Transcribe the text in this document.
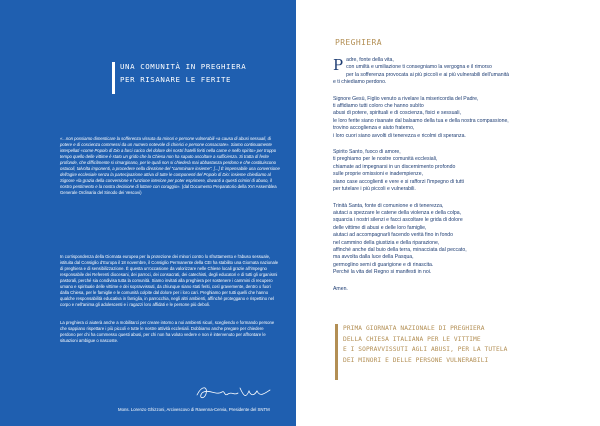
UNA COMUNITÀ IN PREGHIERA
PER RISANARE LE FERITE
«...non possiamo dimenticare la sofferenza vissuta da minori e persone vulnerabili «a causa di abusi sessuali, di potere e di coscienza commessi da un numero notevole di chierici e persone consacrate». Siamo continuamente interpellati «come Popolo di Dio a farci carico del dolore dei nostri fratelli feriti nella carne e nello spirito» per troppo tempo quello delle vittime è stato un grido che la Chiesa non ha saputo ascoltare a sufficienza. Si tratta di ferite profonde, che difficilmente si rimarginano, per le quali non si chiederà mai abbastanza perdono e che costituiscono ostacoli, talvolta imponenti, a procedere nella direzione del "camminare insieme". [...] È impensabile una conversione dell'agire ecclesiale senza la partecipazione attiva di tutte le componenti del Popolo di Dio: insieme chiediamo al Signore «la grazia della conversione e l'unzione interiore per poter esprimere, davanti a questi crimini di abuso, il nostro pentimento e la nostra decisione di lottare con coraggio». (dal Documento Preparatorio della XVI Assemblea Generale Ordinaria del Sinodo dei Vescovi)

In corrispondenza della Giornata europea per la protezione dei minori contro lo sfruttamento e l'abuso sessuale, istituita dal Consiglio d'Europa il 18 novembre, il Consiglio Permanente della CEI ha stabilito una Giornata nazionale di preghiera e di sensibilizzazione. È questa un'occasione da valorizzare nelle Chiese locali grazie all'impegno responsabile dei Referenti diocesani, dei parroci, dei consacrati, dei catechisti, degli educatori e di tutti gli organismi pastorali, perché sia condivisa tutta la comunità. Siamo invitati alla preghiera per sostenere i cammini di recupero umano e spirituale delle vittime e dei sopravvissuti, da chiunque siano stati feriti, così gravemente, dentro o fuori dalla Chiesa, per le famiglie e le comunità colpite dal dolore per i loro cari. Preghiamo per tutti quelli che hanno qualche responsabilità educativa in famiglia, in parrocchia, negli altri ambienti, affinché proteggano e rispettino nel corpo e nell'anima gli adolescenti e i ragazzi loro affidati e le persone più deboli.

La preghiera ci aiuterà anche a mobilitarci per creare intorno a noi ambienti sicuri, scegliendo e formando persone che sappiano rispettare i più piccoli e tutte le nostre attività ecclesiali. Dobbiamo anche pregare per chiedere perdono per chi ha commesso questi abusi, per chi non ha voluto vedere e non è intervenuto per affrontare le situazioni ambigue o nascoste.

Mons. Lorenzo Ghizzoni, Arcivescovo di Ravenna-Cervia, Presidente del SNTM
PREGHIERA

P adre, fonte della vita,
con umiltà e umiliazione ti consegniamo la vergogna e il rimorso
per la sofferenza provocata ai più piccoli e ai più vulnerabili dell'umanità
e ti chiediamo perdono.

Signore Gesù, Figlio venuto a rivelare la misericordia del Padre,
ti affidiamo tutti coloro che hanno subìto
abusi di potere, spirituali e di coscienza, fisici e sessuali,
le loro ferite siano risanate dal balsamo della tua e della nostra compassione,
trovino accoglienza e aiuto fraterno,
i loro cuori siano avvolti di tenerezza e ricolmi di speranza.

Spirito Santo, fuoco di amore,
ti preghiamo per le nostre comunità ecclesiali,
chiamate ad impegnarsi in un discernimento profondo
sulle proprie omissioni e inadempienze,
siano case accoglienti e vere e si rafforzi l'impegno di tutti
per tutelare i più piccoli e vulnerabili.

Trinità Santa, fonte di comunione e di tenerezza,
aiutaci a spezzare le catene della violenza e della colpa,
squarcia i nostri silenzi e facci ascoltare le grida di dolore
delle vittime di abusi e delle loro famiglie,
aiutaci ad accompagnarli facendo verità fino in fondo
nel cammino della giustizia e della riparazione,
affinché anche dal buio della terra, minacciata dal peccato,
ma avvolta dalla luce della Pasqua,
germoglino semi di guarigione e di rinascita.
Perché la vita del Regno si manifesti in noi.

Amen.

PRIMA GIORNATA NAZIONALE DI PREGHIERA
DELLA CHIESA ITALIANA PER LE VITTIME
E I SOPRAVVISSUTI AGLI ABUSI, PER LA TUTELA
DEI MINORI E DELLE PERSONE VULNERABILI
